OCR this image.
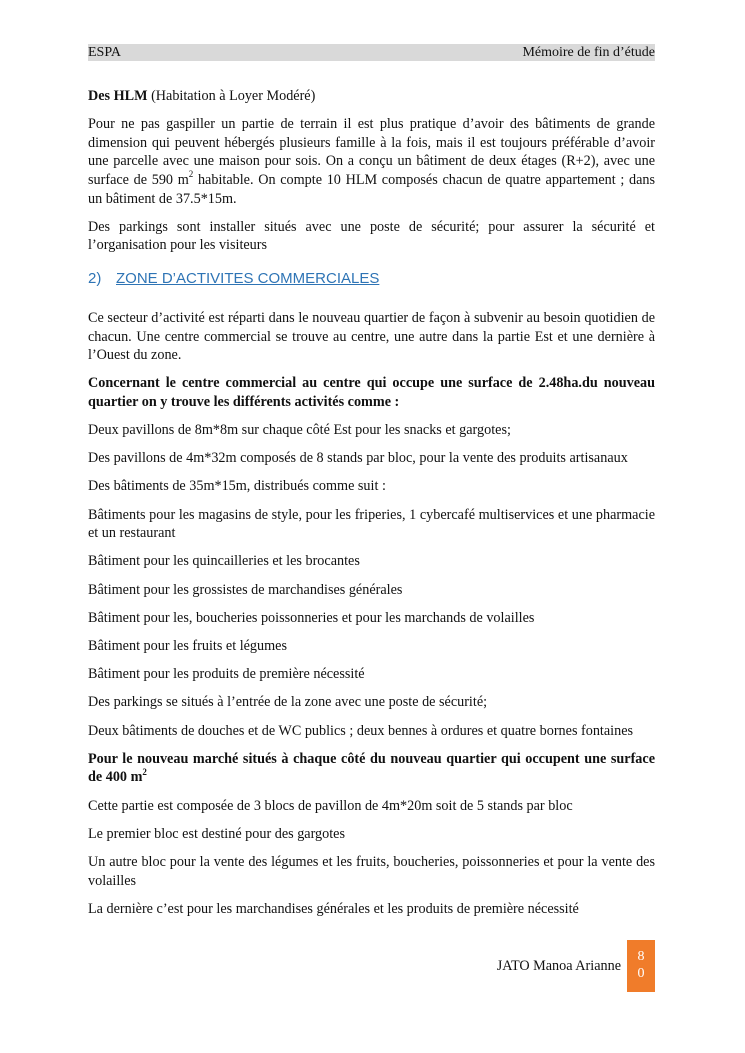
ESPA	Mémoire de fin d’étude

Des HLM (Habitation à Loyer Modéré)

Pour ne pas gaspiller un partie de terrain il est plus pratique d’avoir des bâtiments de grande dimension qui peuvent hébergés plusieurs famille à la fois, mais il est toujours préférable d’avoir une parcelle avec une maison pour sois. On a conçu un bâtiment de deux étages (R+2), avec une surface de 590 $m^2$ habitable. On compte 10 HLM composés chacun de quatre appartement ; dans un bâtiment de 37.5*15m.

Des parkings sont installer situés avec une poste de sécurité; pour assurer la sécurité et l’organisation pour les visiteurs

2) ZONE D’ACTIVITES COMMERCIALES

Ce secteur d’activité est réparti dans le nouveau quartier de façon à subvenir au besoin quotidien de chacun. Une centre commercial se trouve au centre, une autre dans la partie Est et une dernière à l’Ouest du zone.

Concernant le centre commercial au centre qui occupe une surface de 2.48ha.du nouveau quartier on y trouve les différents activités comme :

Deux pavillons de 8m*8m sur chaque côté Est pour les snacks et gargotes;

Des pavillons de 4m*32m composés de 8 stands par bloc, pour la vente des produits artisanaux

Des bâtiments de 35m*15m, distribués comme suit :

Bâtiments pour les magasins de style, pour les friperies, 1 cybercafé multiservices et une pharmacie et un restaurant

Bâtiment pour les quincailleries et les brocantes

Bâtiment pour les grossistes de marchandises générales

Bâtiment pour les, boucheries poissonneries et pour les marchands de volailles

Bâtiment pour les fruits et légumes

Bâtiment pour les produits de première nécessité

Des parkings se situés à l’entrée de la zone avec une poste de sécurité;

Deux bâtiments de douches et de WC publics ; deux bennes à ordures et quatre bornes fontaines

Pour le nouveau marché situés à chaque côté du nouveau quartier qui occupent une surface de 400 $m^2$

Cette partie est composée de 3 blocs de pavillon de 4m*20m soit de 5 stands par bloc

Le premier bloc est destiné pour des gargotes

Un autre bloc pour la vente des légumes et les fruits, boucheries, poissonneries et pour la vente des volailles

La dernière c’est pour les marchandises générales et les produits de première nécessité

JATO Manoa Arianne
8
0
